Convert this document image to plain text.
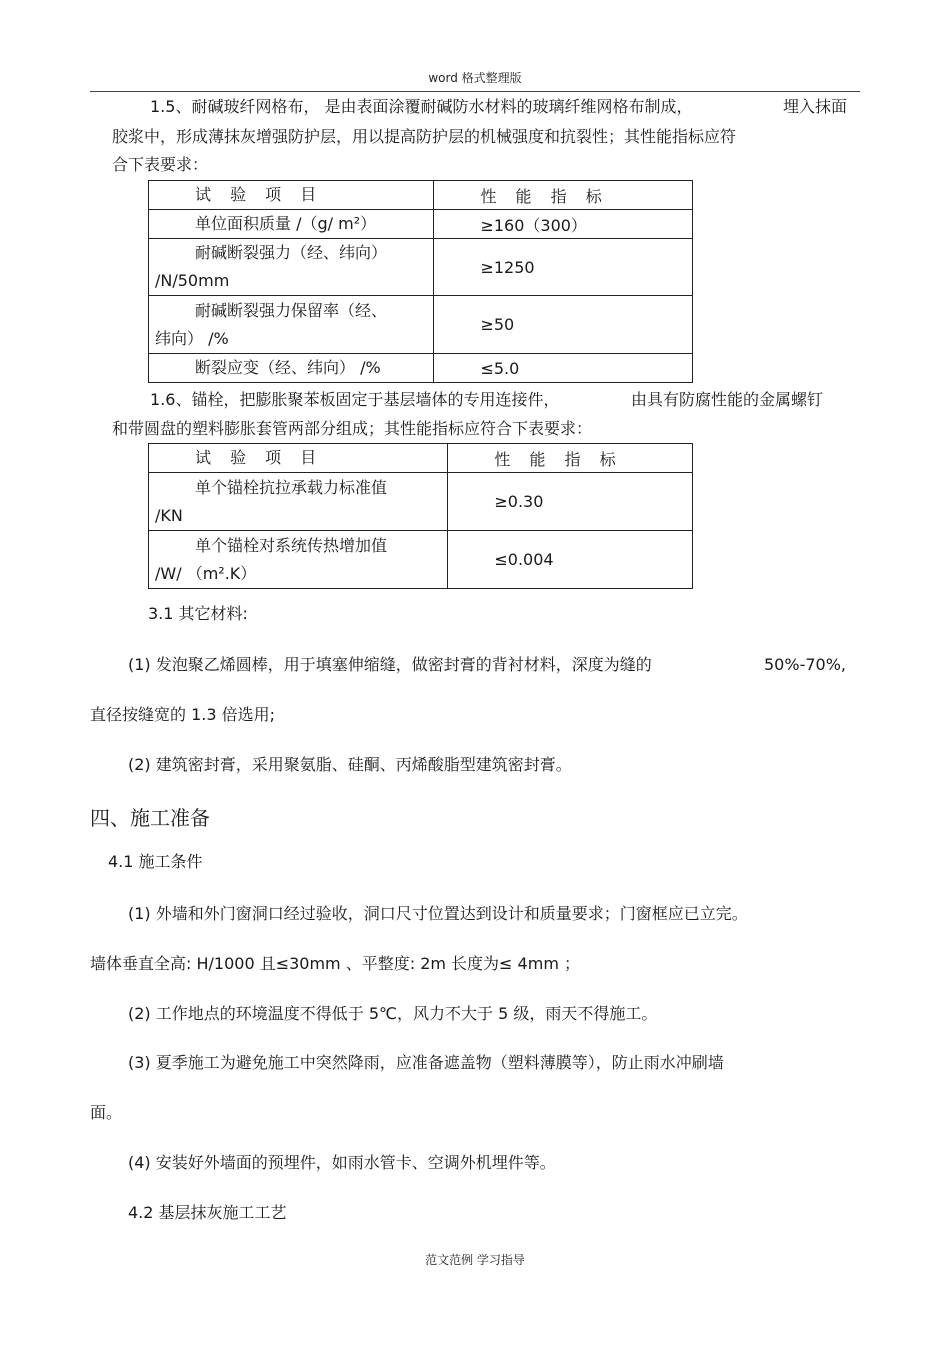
word 格式整理版
1.5、耐碱玻纤网格布， 是由表面涂覆耐碱防水材料的玻璃纤维网格布制成，	埋入抹面
胶浆中，形成薄抹灰增强防护层，用以提高防护层的机械强度和抗裂性；其性能指标应符
合下表要求：
试 验 项 目	性 能 指 标

单位面积质量 /（g/ m²）	≥160（300）

耐碱断裂强力（经、纬向）
/N/50mm	≥1250

耐碱断裂强力保留率（经、
纬向） /%	≥50

断裂应变（经、纬向） /%	≤5.0
1.6、锚栓，把膨胀聚苯板固定于基层墙体的专用连接件，	由具有防腐性能的金属螺钉
和带圆盘的塑料膨胀套管两部分组成；其性能指标应符合下表要求：
试 验 项 目	性 能 指 标

单个锚栓抗拉承载力标准值
/KN	≥0.30

单个锚栓对系统传热增加值
/W/ （m².K）	≤0.004
3.1 其它材料:
(1) 发泡聚乙烯圆棒，用于填塞伸缩缝，做密封膏的背衬材料，深度为缝的	50%-70%,
直径按缝宽的 1.3 倍选用;
(2) 建筑密封膏，采用聚氨脂、硅酮、丙烯酸脂型建筑密封膏。
四、施工准备
4.1 施工条件
(1) 外墙和外门窗洞口经过验收，洞口尺寸位置达到设计和质量要求；门窗框应已立完。
墙体垂直全高: H/1000 且≤30mm 、平整度: 2m 长度为≤ 4mm ；
(2) 工作地点的环境温度不得低于 5℃，风力不大于 5 级，雨天不得施工。
(3) 夏季施工为避免施工中突然降雨，应准备遮盖物（塑料薄膜等），防止雨水冲刷墙
面。
(4) 安装好外墙面的预埋件，如雨水管卡、空调外机埋件等。
4.2 基层抹灰施工工艺
范文范例 学习指导
